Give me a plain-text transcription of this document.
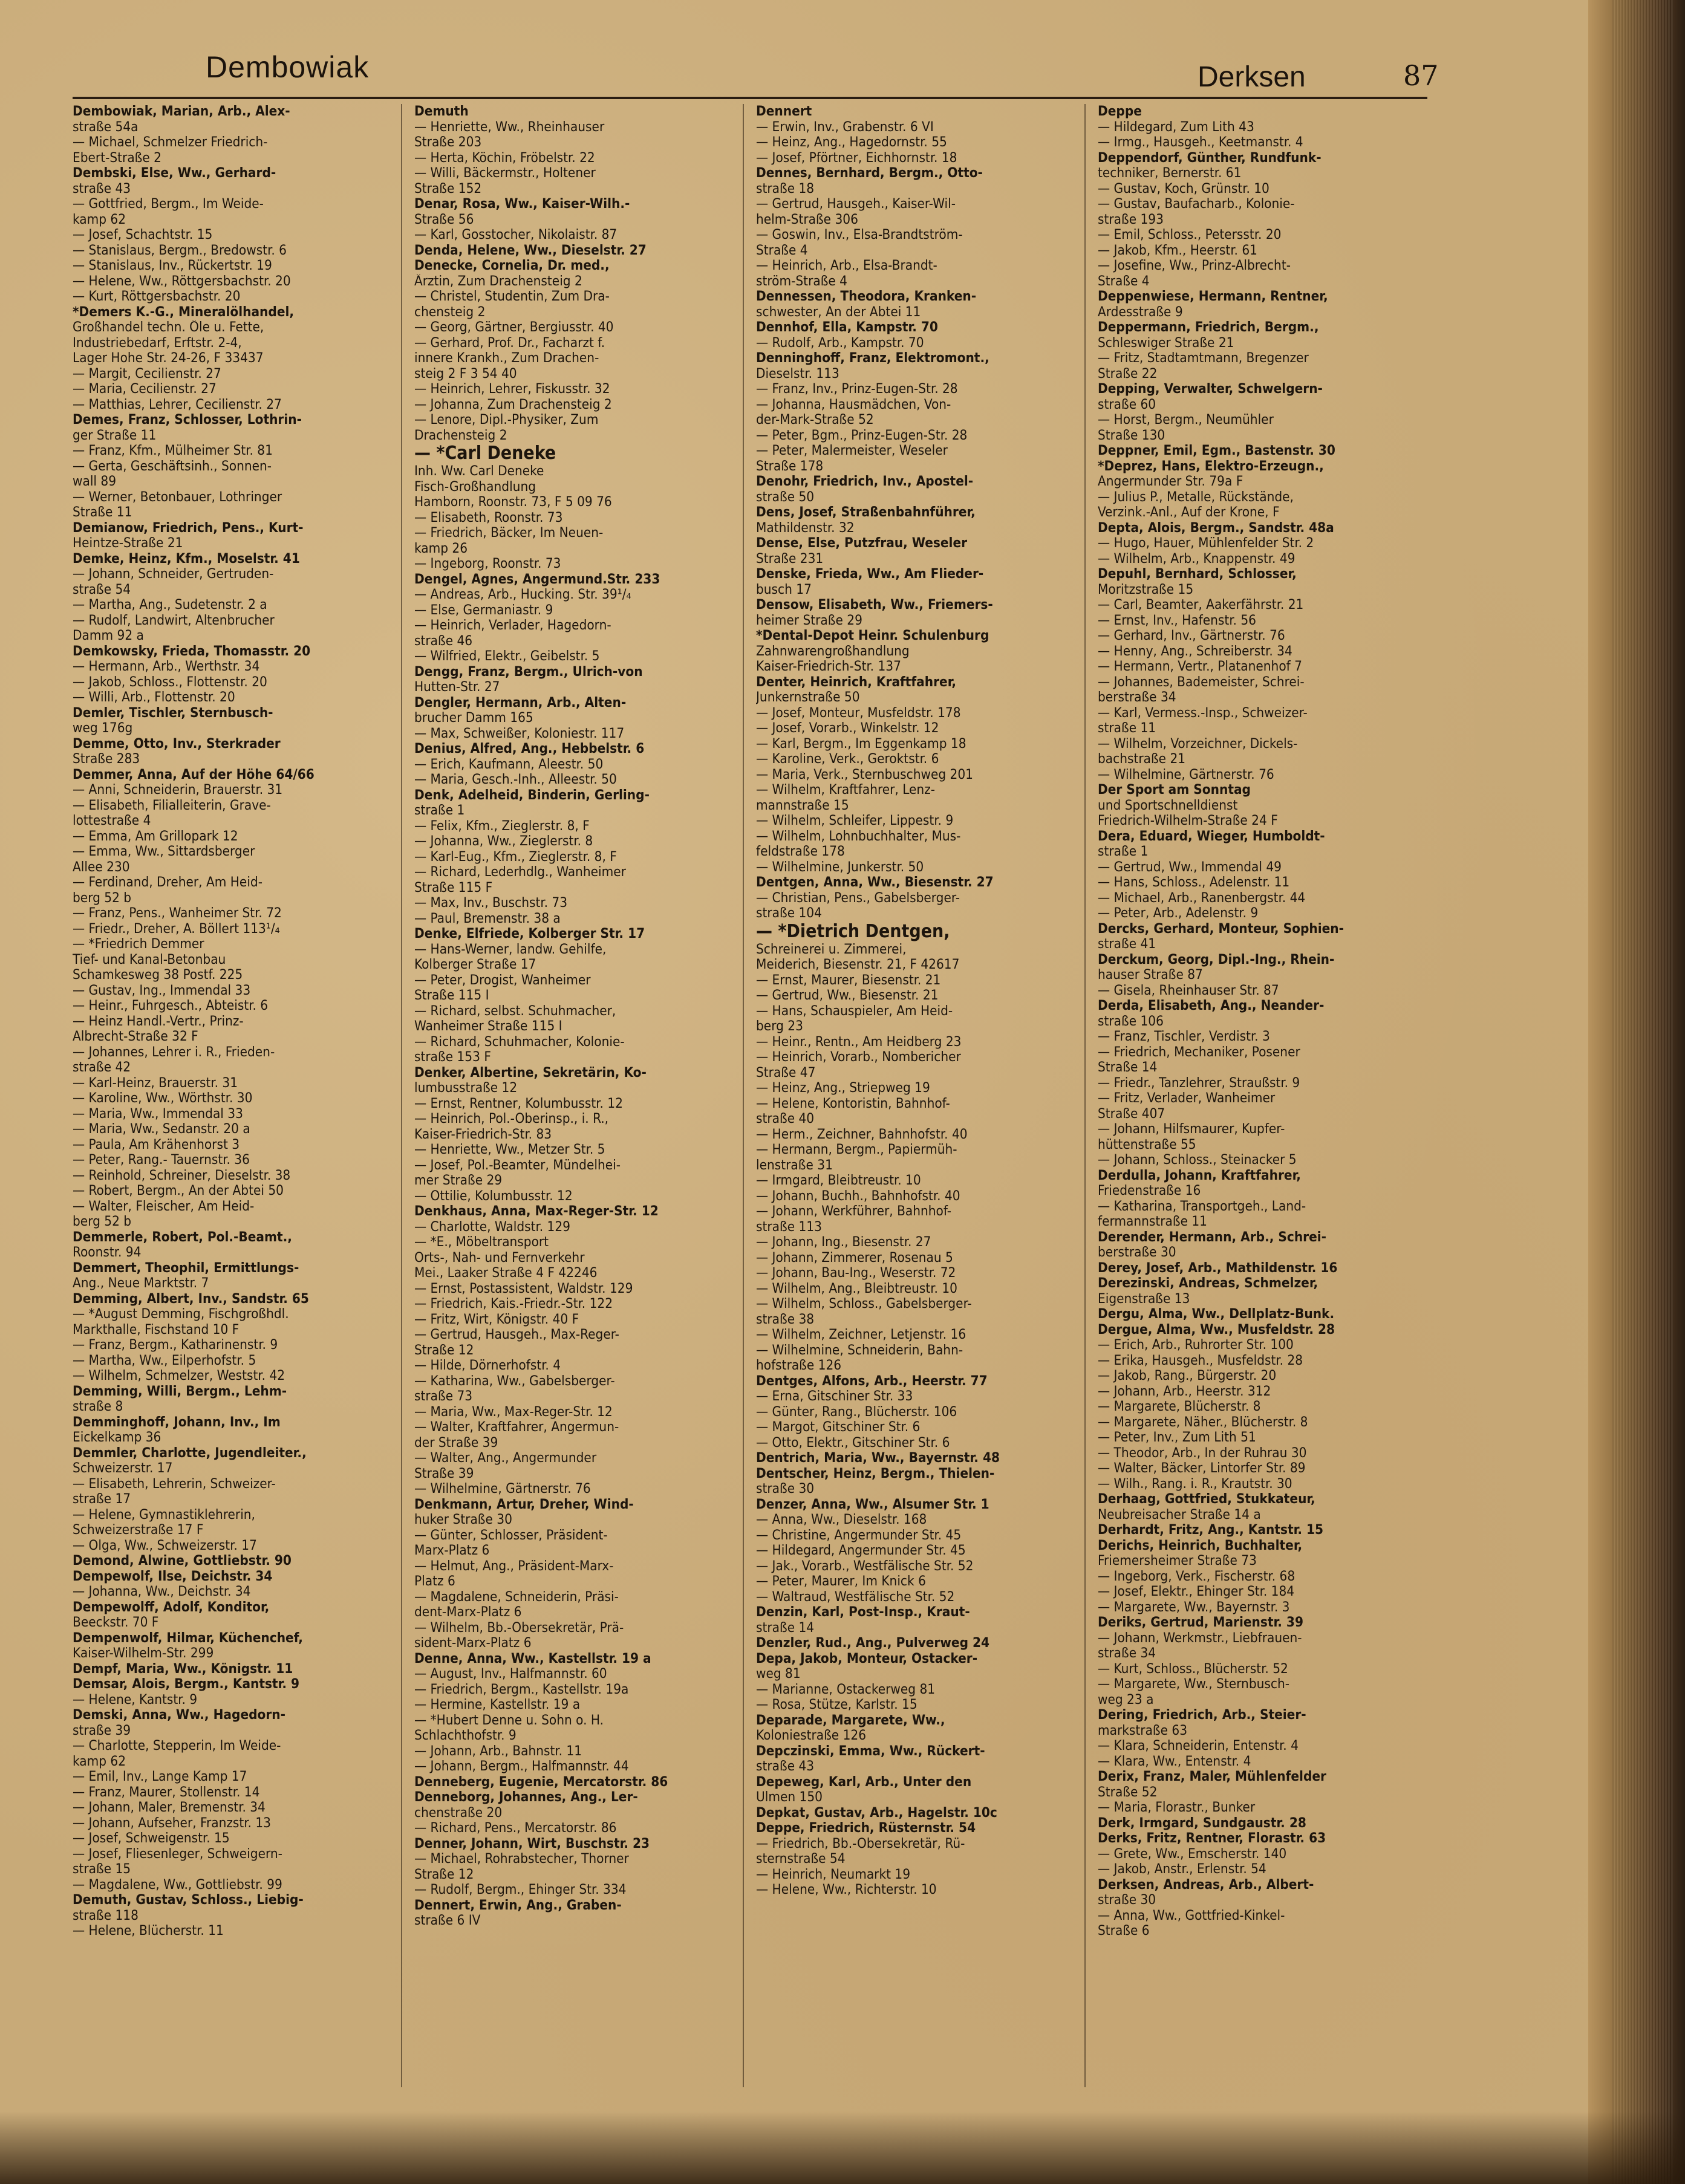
Dembowiak	Derksen	87
Dembowiak, Marian, Arb., Alex-
straße 54a
— Michael, Schmelzer Friedrich-
Ebert-Straße 2
Dembski, Else, Ww., Gerhard-
straße 43
— Gottfried, Bergm., Im Weide-
kamp 62
— Josef, Schachtstr. 15
— Stanislaus, Bergm., Bredowstr. 6
— Stanislaus, Inv., Rückertstr. 19
— Helene, Ww., Röttgersbachstr. 20
— Kurt, Röttgersbachstr. 20
*Demers K.-G., Mineralölhandel,
Großhandel techn. Öle u. Fette,
Industriebedarf, Erftstr. 2-4,
Lager Hohe Str. 24-26, F 33437
— Margit, Cecilienstr. 27
— Maria, Cecilienstr. 27
— Matthias, Lehrer, Cecilienstr. 27
Demes, Franz, Schlosser, Lothrin-
ger Straße 11
— Franz, Kfm., Mülheimer Str. 81
— Gerta, Geschäftsinh., Sonnen-
wall 89
— Werner, Betonbauer, Lothringer
Straße 11
Demianow, Friedrich, Pens., Kurt-
Heintze-Straße 21
Demke, Heinz, Kfm., Moselstr. 41
— Johann, Schneider, Gertruden-
straße 54
— Martha, Ang., Sudetenstr. 2 a
— Rudolf, Landwirt, Altenbrucher
Damm 92 a
Demkowsky, Frieda, Thomasstr. 20
— Hermann, Arb., Werthstr. 34
— Jakob, Schloss., Flottenstr. 20
— Willi, Arb., Flottenstr. 20
Demler, Tischler, Sternbusch-
weg 176g
Demme, Otto, Inv., Sterkrader
Straße 283
Demmer, Anna, Auf der Höhe 64/66
— Anni, Schneiderin, Brauerstr. 31
— Elisabeth, Filialleiterin, Grave-
lottestraße 4
— Emma, Am Grillopark 12
— Emma, Ww., Sittardsberger
Allee 230
— Ferdinand, Dreher, Am Heid-
berg 52 b
— Franz, Pens., Wanheimer Str. 72
— Friedr., Dreher, A. Böllert 113¹/₄
— *Friedrich Demmer
Tief- und Kanal-Betonbau
Schamkesweg 38 Postf. 225
— Gustav, Ing., Immendal 33
— Heinr., Fuhrgesch., Abteistr. 6
— Heinz Handl.-Vertr., Prinz-
Albrecht-Straße 32 F
— Johannes, Lehrer i. R., Frieden-
straße 42
— Karl-Heinz, Brauerstr. 31
— Karoline, Ww., Wörthstr. 30
— Maria, Ww., Immendal 33
— Maria, Ww., Sedanstr. 20 a
— Paula, Am Krähenhorst 3
— Peter, Rang.- Tauernstr. 36
— Reinhold, Schreiner, Dieselstr. 38
— Robert, Bergm., An der Abtei 50
— Walter, Fleischer, Am Heid-
berg 52 b
Demmerle, Robert, Pol.-Beamt.,
Roonstr. 94
Demmert, Theophil, Ermittlungs-
Ang., Neue Marktstr. 7
Demming, Albert, Inv., Sandstr. 65
— *August Demming, Fischgroßhdl.
Markthalle, Fischstand 10 F
— Franz, Bergm., Katharinenstr. 9
— Martha, Ww., Eilperhofstr. 5
— Wilhelm, Schmelzer, Weststr. 42
Demming, Willi, Bergm., Lehm-
straße 8
Demminghoff, Johann, Inv., Im
Eickelkamp 36
Demmler, Charlotte, Jugendleiter.,
Schweizerstr. 17
— Elisabeth, Lehrerin, Schweizer-
straße 17
— Helene, Gymnastiklehrerin,
Schweizerstraße 17 F
— Olga, Ww., Schweizerstr. 17
Demond, Alwine, Gottliebstr. 90
Dempewolf, Ilse, Deichstr. 34
— Johanna, Ww., Deichstr. 34
Dempewolff, Adolf, Konditor,
Beeckstr. 70 F
Dempenwolf, Hilmar, Küchenchef,
Kaiser-Wilhelm-Str. 299
Dempf, Maria, Ww., Königstr. 11
Demsar, Alois, Bergm., Kantstr. 9
— Helene, Kantstr. 9
Demski, Anna, Ww., Hagedorn-
straße 39
— Charlotte, Stepperin, Im Weide-
kamp 62
— Emil, Inv., Lange Kamp 17
— Franz, Maurer, Stollenstr. 14
— Johann, Maler, Bremenstr. 34
— Johann, Aufseher, Franzstr. 13
— Josef, Schweigenstr. 15
— Josef, Fliesenleger, Schweigern-
straße 15
— Magdalene, Ww., Gottliebstr. 99
Demuth, Gustav, Schloss., Liebig-
straße 118
— Helene, Blücherstr. 11
Demuth
— Henriette, Ww., Rheinhauser
Straße 203
— Herta, Köchin, Fröbelstr. 22
— Willi, Bäckermstr., Holtener
Straße 152
Denar, Rosa, Ww., Kaiser-Wilh.-
Straße 56
— Karl, Gosstocher, Nikolaistr. 87
Denda, Helene, Ww., Dieselstr. 27
Denecke, Cornelia, Dr. med.,
Ärztin, Zum Drachensteig 2
— Christel, Studentin, Zum Dra-
chensteig 2
— Georg, Gärtner, Bergiusstr. 40
— Gerhard, Prof. Dr., Facharzt f.
innere Krankh., Zum Drachen-
steig 2 F 3 54 40
— Heinrich, Lehrer, Fiskusstr. 32
— Johanna, Zum Drachensteig 2
— Lenore, Dipl.-Physiker, Zum
Drachensteig 2
— *Carl Deneke
Inh. Ww. Carl Deneke
Fisch-Großhandlung
Hamborn, Roonstr. 73, F 5 09 76
— Elisabeth, Roonstr. 73
— Friedrich, Bäcker, Im Neuen-
kamp 26
— Ingeborg, Roonstr. 73
Dengel, Agnes, Angermund.Str. 233
— Andreas, Arb., Hucking. Str. 39¹/₄
— Else, Germaniastr. 9
— Heinrich, Verlader, Hagedorn-
straße 46
— Wilfried, Elektr., Geibelstr. 5
Dengg, Franz, Bergm., Ulrich-von
Hutten-Str. 27
Dengler, Hermann, Arb., Alten-
brucher Damm 165
— Max, Schweißer, Koloniestr. 117
Denius, Alfred, Ang., Hebbelstr. 6
— Erich, Kaufmann, Aleestr. 50
— Maria, Gesch.-Inh., Alleestr. 50
Denk, Adelheid, Binderin, Gerling-
straße 1
— Felix, Kfm., Zieglerstr. 8, F
— Johanna, Ww., Zieglerstr. 8
— Karl-Eug., Kfm., Zieglerstr. 8, F
— Richard, Lederhdlg., Wanheimer
Straße 115 F
— Max, Inv., Buschstr. 73
— Paul, Bremenstr. 38 a
Denke, Elfriede, Kolberger Str. 17
— Hans-Werner, landw. Gehilfe,
Kolberger Straße 17
— Peter, Drogist, Wanheimer
Straße 115 I
— Richard, selbst. Schuhmacher,
Wanheimer Straße 115 I
— Richard, Schuhmacher, Kolonie-
straße 153 F
Denker, Albertine, Sekretärin, Ko-
lumbusstraße 12
— Ernst, Rentner, Kolumbusstr. 12
— Heinrich, Pol.-Oberinsp., i. R.,
Kaiser-Friedrich-Str. 83
— Henriette, Ww., Metzer Str. 5
— Josef, Pol.-Beamter, Mündelhei-
mer Straße 29
— Ottilie, Kolumbusstr. 12
Denkhaus, Anna, Max-Reger-Str. 12
— Charlotte, Waldstr. 129
— *E., Möbeltransport
Orts-, Nah- und Fernverkehr
Mei., Laaker Straße 4 F 42246
— Ernst, Postassistent, Waldstr. 129
— Friedrich, Kais.-Friedr.-Str. 122
— Fritz, Wirt, Königstr. 40 F
— Gertrud, Hausgeh., Max-Reger-
Straße 12
— Hilde, Dörnerhofstr. 4
— Katharina, Ww., Gabelsberger-
straße 73
— Maria, Ww., Max-Reger-Str. 12
— Walter, Kraftfahrer, Angermun-
der Straße 39
— Walter, Ang., Angermunder
Straße 39
— Wilhelmine, Gärtnerstr. 76
Denkmann, Artur, Dreher, Wind-
huker Straße 30
— Günter, Schlosser, Präsident-
Marx-Platz 6
— Helmut, Ang., Präsident-Marx-
Platz 6
— Magdalene, Schneiderin, Präsi-
dent-Marx-Platz 6
— Wilhelm, Bb.-Obersekretär, Prä-
sident-Marx-Platz 6
Denne, Anna, Ww., Kastellstr. 19 a
— August, Inv., Halfmannstr. 60
— Friedrich, Bergm., Kastellstr. 19a
— Hermine, Kastellstr. 19 a
— *Hubert Denne u. Sohn o. H.
Schlachthofstr. 9
— Johann, Arb., Bahnstr. 11
— Johann, Bergm., Halfmannstr. 44
Denneberg, Eugenie, Mercatorstr. 86
Denneborg, Johannes, Ang., Ler-
chenstraße 20
— Richard, Pens., Mercatorstr. 86
Denner, Johann, Wirt, Buschstr. 23
— Michael, Rohrabstecher, Thorner
Straße 12
— Rudolf, Bergm., Ehinger Str. 334
Dennert, Erwin, Ang., Graben-
straße 6 IV
Dennert
— Erwin, Inv., Grabenstr. 6 VI
— Heinz, Ang., Hagedornstr. 55
— Josef, Pförtner, Eichhornstr. 18
Dennes, Bernhard, Bergm., Otto-
straße 18
— Gertrud, Hausgeh., Kaiser-Wil-
helm-Straße 306
— Goswin, Inv., Elsa-Brandtström-
Straße 4
— Heinrich, Arb., Elsa-Brandt-
ström-Straße 4
Dennessen, Theodora, Kranken-
schwester, An der Abtei 11
Dennhof, Ella, Kampstr. 70
— Rudolf, Arb., Kampstr. 70
Denninghoff, Franz, Elektromont.,
Dieselstr. 113
— Franz, Inv., Prinz-Eugen-Str. 28
— Johanna, Hausmädchen, Von-
der-Mark-Straße 52
— Peter, Bgm., Prinz-Eugen-Str. 28
— Peter, Malermeister, Weseler
Straße 178
Denohr, Friedrich, Inv., Apostel-
straße 50
Dens, Josef, Straßenbahnführer,
Mathildenstr. 32
Dense, Else, Putzfrau, Weseler
Straße 231
Denske, Frieda, Ww., Am Flieder-
busch 17
Densow, Elisabeth, Ww., Friemers-
heimer Straße 29
*Dental-Depot Heinr. Schulenburg
Zahnwarengroßhandlung
Kaiser-Friedrich-Str. 137
Denter, Heinrich, Kraftfahrer,
Junkernstraße 50
— Josef, Monteur, Musfeldstr. 178
— Josef, Vorarb., Winkelstr. 12
— Karl, Bergm., Im Eggenkamp 18
— Karoline, Verk., Geroktstr. 6
— Maria, Verk., Sternbuschweg 201
— Wilhelm, Kraftfahrer, Lenz-
mannstraße 15
— Wilhelm, Schleifer, Lippestr. 9
— Wilhelm, Lohnbuchhalter, Mus-
feldstraße 178
— Wilhelmine, Junkerstr. 50
Dentgen, Anna, Ww., Biesenstr. 27
— Christian, Pens., Gabelsberger-
straße 104
— *Dietrich Dentgen,
Schreinerei u. Zimmerei,
Meiderich, Biesenstr. 21, F 42617
— Ernst, Maurer, Biesenstr. 21
— Gertrud, Ww., Biesenstr. 21
— Hans, Schauspieler, Am Heid-
berg 23
— Heinr., Rentn., Am Heidberg 23
— Heinrich, Vorarb., Nombericher
Straße 47
— Heinz, Ang., Striepweg 19
— Helene, Kontoristin, Bahnhof-
straße 40
— Herm., Zeichner, Bahnhofstr. 40
— Hermann, Bergm., Papiermüh-
lenstraße 31
— Irmgard, Bleibtreustr. 10
— Johann, Buchh., Bahnhofstr. 40
— Johann, Werkführer, Bahnhof-
straße 113
— Johann, Ing., Biesenstr. 27
— Johann, Zimmerer, Rosenau 5
— Johann, Bau-Ing., Weserstr. 72
— Wilhelm, Ang., Bleibtreustr. 10
— Wilhelm, Schloss., Gabelsberger-
straße 38
— Wilhelm, Zeichner, Letjenstr. 16
— Wilhelmine, Schneiderin, Bahn-
hofstraße 126
Dentges, Alfons, Arb., Heerstr. 77
— Erna, Gitschiner Str. 33
— Günter, Rang., Blücherstr. 106
— Margot, Gitschiner Str. 6
— Otto, Elektr., Gitschiner Str. 6
Dentrich, Maria, Ww., Bayernstr. 48
Dentscher, Heinz, Bergm., Thielen-
straße 30
Denzer, Anna, Ww., Alsumer Str. 1
— Anna, Ww., Dieselstr. 168
— Christine, Angermunder Str. 45
— Hildegard, Angermunder Str. 45
— Jak., Vorarb., Westfälische Str. 52
— Peter, Maurer, Im Knick 6
— Waltraud, Westfälische Str. 52
Denzin, Karl, Post-Insp., Kraut-
straße 14
Denzler, Rud., Ang., Pulverweg 24
Depa, Jakob, Monteur, Ostacker-
weg 81
— Marianne, Ostackerweg 81
— Rosa, Stütze, Karlstr. 15
Deparade, Margarete, Ww.,
Koloniestraße 126
Depczinski, Emma, Ww., Rückert-
straße 43
Depeweg, Karl, Arb., Unter den
Ulmen 150
Depkat, Gustav, Arb., Hagelstr. 10c
Deppe, Friedrich, Rüsternstr. 54
— Friedrich, Bb.-Obersekretär, Rü-
sternstraße 54
— Heinrich, Neumarkt 19
— Helene, Ww., Richterstr. 10
Deppe
— Hildegard, Zum Lith 43
— Irmg., Hausgeh., Keetmanstr. 4
Deppendorf, Günther, Rundfunk-
techniker, Bernerstr. 61
— Gustav, Koch, Grünstr. 10
— Gustav, Baufacharb., Kolonie-
straße 193
— Emil, Schloss., Petersstr. 20
— Jakob, Kfm., Heerstr. 61
— Josefine, Ww., Prinz-Albrecht-
Straße 4
Deppenwiese, Hermann, Rentner,
Ardesstraße 9
Deppermann, Friedrich, Bergm.,
Schleswiger Straße 21
— Fritz, Stadtamtmann, Bregenzer
Straße 22
Depping, Verwalter, Schwelgern-
straße 60
— Horst, Bergm., Neumühler
Straße 130
Deppner, Emil, Egm., Bastenstr. 30
*Deprez, Hans, Elektro-Erzeugn.,
Angermunder Str. 79a F
— Julius P., Metalle, Rückstände,
Verzink.-Anl., Auf der Krone, F
Depta, Alois, Bergm., Sandstr. 48a
— Hugo, Hauer, Mühlenfelder Str. 2
— Wilhelm, Arb., Knappenstr. 49
Depuhl, Bernhard, Schlosser,
Moritzstraße 15
— Carl, Beamter, Aakerfährstr. 21
— Ernst, Inv., Hafenstr. 56
— Gerhard, Inv., Gärtnerstr. 76
— Henny, Ang., Schreiberstr. 34
— Hermann, Vertr., Platanenhof 7
— Johannes, Bademeister, Schrei-
berstraße 34
— Karl, Vermess.-Insp., Schweizer-
straße 11
— Wilhelm, Vorzeichner, Dickels-
bachstraße 21
— Wilhelmine, Gärtnerstr. 76
Der Sport am Sonntag
und Sportschnelldienst
Friedrich-Wilhelm-Straße 24 F
Dera, Eduard, Wieger, Humboldt-
straße 1
— Gertrud, Ww., Immendal 49
— Hans, Schloss., Adelenstr. 11
— Michael, Arb., Ranenbergstr. 44
— Peter, Arb., Adelenstr. 9
Dercks, Gerhard, Monteur, Sophien-
straße 41
Derckum, Georg, Dipl.-Ing., Rhein-
hauser Straße 87
— Gisela, Rheinhauser Str. 87
Derda, Elisabeth, Ang., Neander-
straße 106
— Franz, Tischler, Verdistr. 3
— Friedrich, Mechaniker, Posener
Straße 14
— Friedr., Tanzlehrer, Straußstr. 9
— Fritz, Verlader, Wanheimer
Straße 407
— Johann, Hilfsmaurer, Kupfer-
hüttenstraße 55
— Johann, Schloss., Steinacker 5
Derdulla, Johann, Kraftfahrer,
Friedenstraße 16
— Katharina, Transportgeh., Land-
fermannstraße 11
Derender, Hermann, Arb., Schrei-
berstraße 30
Derey, Josef, Arb., Mathildenstr. 16
Derezinski, Andreas, Schmelzer,
Eigenstraße 13
Dergu, Alma, Ww., Dellplatz-Bunk.
Dergue, Alma, Ww., Musfeldstr. 28
— Erich, Arb., Ruhrorter Str. 100
— Erika, Hausgeh., Musfeldstr. 28
— Jakob, Rang., Bürgerstr. 20
— Johann, Arb., Heerstr. 312
— Margarete, Blücherstr. 8
— Margarete, Näher., Blücherstr. 8
— Peter, Inv., Zum Lith 51
— Theodor, Arb., In der Ruhrau 30
— Walter, Bäcker, Lintorfer Str. 89
— Wilh., Rang. i. R., Krautstr. 30
Derhaag, Gottfried, Stukkateur,
Neubreisacher Straße 14 a
Derhardt, Fritz, Ang., Kantstr. 15
Derichs, Heinrich, Buchhalter,
Friemersheimer Straße 73
— Ingeborg, Verk., Fischerstr. 68
— Josef, Elektr., Ehinger Str. 184
— Margarete, Ww., Bayernstr. 3
Deriks, Gertrud, Marienstr. 39
— Johann, Werkmstr., Liebfrauen-
straße 34
— Kurt, Schloss., Blücherstr. 52
— Margarete, Ww., Sternbusch-
weg 23 a
Dering, Friedrich, Arb., Steier-
markstraße 63
— Klara, Schneiderin, Entenstr. 4
— Klara, Ww., Entenstr. 4
Derix, Franz, Maler, Mühlenfelder
Straße 52
— Maria, Florastr., Bunker
Derk, Irmgard, Sundgaustr. 28
Derks, Fritz, Rentner, Florastr. 63
— Grete, Ww., Emscherstr. 140
— Jakob, Anstr., Erlenstr. 54
Derksen, Andreas, Arb., Albert-
straße 30
— Anna, Ww., Gottfried-Kinkel-
Straße 6
